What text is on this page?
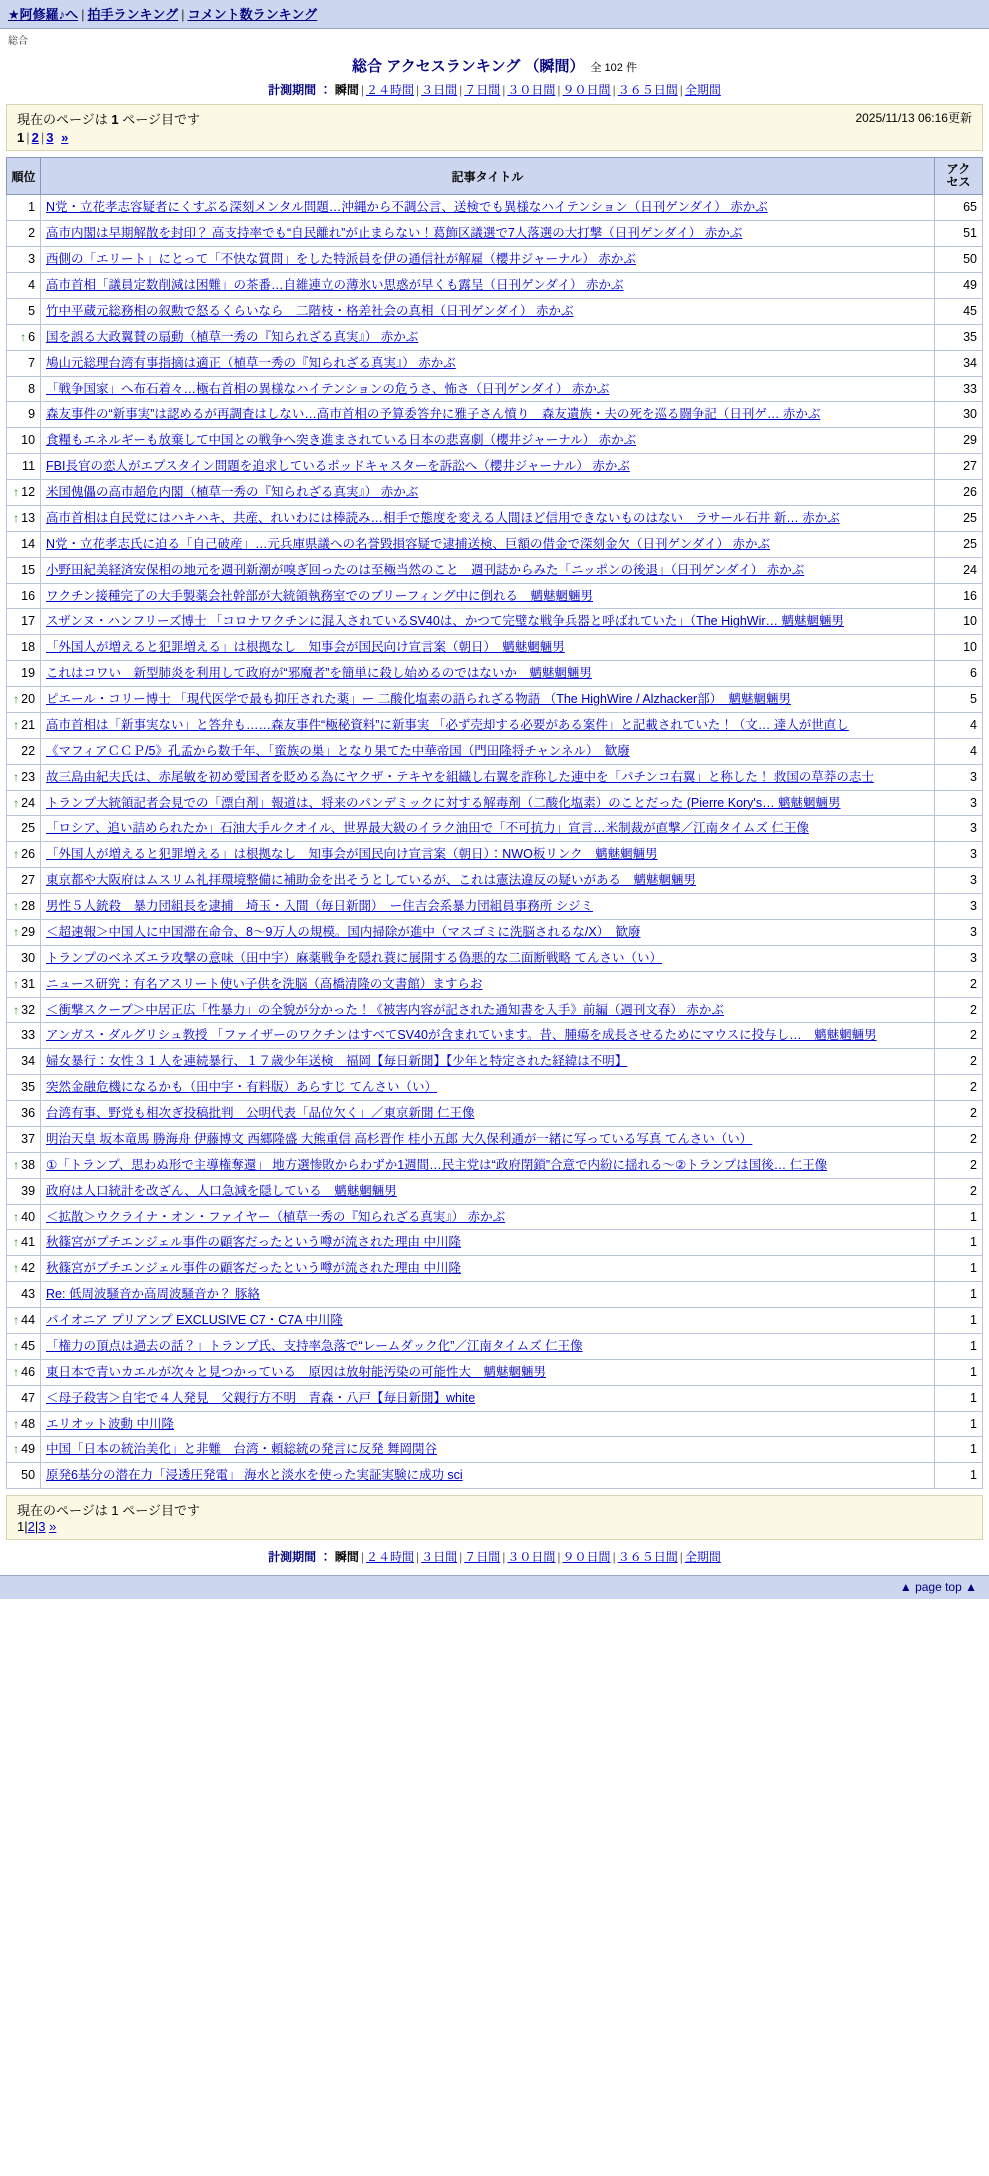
★阿修羅♪へ | 拍手ランキング | コメント数ランキング
総合
総合 アクセスランキング （瞬間） 全 102 件
計測期間 ： 瞬間 | ２４時間 | ３日間 | ７日間 | ３０日間 | ９０日間 | ３６５日間 | 全期間
現在のページは 1 ページ目です
1 | 2 | 3 »
2025/11/13 06:16更新
順位	記事タイトル	アク
セス

1	N党・立花孝志容疑者にくすぶる深刻メンタル問題…沖縄から不調公言、送検でも異様なハイテンション（日刊ゲンダイ） 赤かぶ	65
2	高市内閣は早期解散を封印？ 高支持率でも“自民離れ”が止まらない！葛飾区議選で7人落選の大打撃（日刊ゲンダイ） 赤かぶ	51
3	西側の「エリート」にとって「不快な質問」をした特派員を伊の通信社が解雇（櫻井ジャーナル） 赤かぶ	50
4	高市首相「議員定数削減は困難」の茶番…自維連立の薄氷い思惑が早くも露呈（日刊ゲンダイ） 赤かぶ	49
5	竹中平蔵元総務相の叙勲で怒るくらいなら　二階枝・格差社会の真相（日刊ゲンダイ） 赤かぶ	45
↑ 6	国を誤る大政翼賛の扇動（植草一秀の『知られざる真実』） 赤かぶ	35
7	鳩山元総理台湾有事指摘は適正（植草一秀の『知られざる真実』） 赤かぶ	34
8	「戦争国家」へ布石着々…極右首相の異様なハイテンションの危うさ、怖さ（日刊ゲンダイ） 赤かぶ	33
9	森友事件の“新事実”は認めるが再調査はしない…高市首相の予算委答弁に雅子さん憤り　森友遺族・夫の死を巡る闘争記（日刊ゲ… 赤かぶ	30
10	食糧もエネルギーも放棄して中国との戦争へ突き進まされている日本の悲喜劇（櫻井ジャーナル） 赤かぶ	29
11	FBI長官の恋人がエプスタイン問題を追求しているポッドキャスターを訴訟へ（櫻井ジャーナル） 赤かぶ	27
↑ 12	米国傀儡の高市超危内閣（植草一秀の『知られざる真実』） 赤かぶ	26
↑ 13	高市首相は自民党にはハキハキ、共産、れいわには棒読み…相手で態度を変える人間ほど信用できないものはない　ラサール石井 新… 赤かぶ	25
14	N党・立花孝志氏に迫る「自己破産」…元兵庫県議への名誉毀損容疑で逮捕送検、巨額の借金で深刻金欠（日刊ゲンダイ） 赤かぶ	25
15	小野田紀美経済安保相の地元を週刊新潮が嗅ぎ回ったのは至極当然のこと　週刊誌からみた「ニッポンの後退」（日刊ゲンダイ） 赤かぶ	24
16	ワクチン接種完了の大手製薬会社幹部が大統領執務室でのブリーフィング中に倒れる　魑魅魍魎男	16
17	スザンヌ・ハンフリーズ博士 「コロナワクチンに混入されているSV40は、かつて完璧な戦争兵器と呼ばれていた」（The HighWir… 魑魅魍魎男	10
18	「外国人が増えると犯罪増える」は根拠なし　知事会が国民向け宣言案（朝日）　魑魅魍魎男	10
19	これはコワい　新型肺炎を利用して政府が“邪魔者”を簡単に殺し始めるのではないか　魑魅魍魎男	6
↑ 20	ピエール・コリー博士 「現代医学で最も抑圧された薬」ー 二酸化塩素の語られざる物語 （The HighWire / Alzhacker部）　魑魅魍魎男	5
↑ 21	高市首相は「新事実ない」と答弁も……森友事件“極秘資料”に新事実 「必ず売却する必要がある案件」と記載されていた！（文… 達人が世直し	4
22	《マフィアＣＣＰ/5》孔孟から数千年、「蛮族の巣」となり果てた中華帝国（門田隆将チャンネル）　歓廢	4
↑ 23	故三島由紀夫氏は、赤尾敏を初め愛国者を貶める為にヤクザ・テキヤを組織し右翼を詐称した連中を「パチンコ右翼」と称した！ 救国の草莽の志士	3
↑ 24	トランプ大統領記者会見での「漂白剤」報道は、将来のパンデミックに対する解毒剤（二酸化塩素）のことだった (Pierre Kory's… 魑魅魍魎男	3
25	「ロシア、追い詰められたか」石油大手ルクオイル、世界最大級のイラク油田で「不可抗力」宣言…米制裁が直撃／江南タイムズ 仁王像	3
↑ 26	「外国人が増えると犯罪増える」は根拠なし　知事会が国民向け宣言案（朝日）：NWO板リンク　魑魅魍魎男	3
27	東京都や大阪府はムスリム礼拝環境整備に補助金を出そうとしているが、これは憲法違反の疑いがある　魑魅魍魎男	3
↑ 28	男性５人銃殺　暴力団組長を逮捕　埼玉・入間（毎日新聞）　ー住吉会系暴力団組員事務所 シジミ	3
↑ 29	＜超速報＞中国人に中国滞在命令、8～9万人の規模。国内掃除が進中（マスゴミに洗脳されるな/X）　歓廢	3
30	トランプのベネズエラ攻撃の意味（田中宇）麻薬戦争を隠れ蓑に展開する偽悪的な二面断戦略 てんさい（い）	3
↑ 31	ニュース研究：有名アスリート使い子供を洗脳（高橋清隆の文書館）ますらお	2
↑ 32	＜衝撃スクープ＞中居正広「性暴力」の全貌が分かった！《被害内容が記された通知書を入手》前編（週刊文春） 赤かぶ	2
33	アンガス・ダルグリシュ教授 「ファイザーのワクチンはすべてSV40が含まれています。昔、腫瘍を成長させるためにマウスに投与し…　魑魅魍魎男	2
34	婦女暴行：女性３１人を連続暴行、１７歳少年送検　福岡【毎日新聞】【少年と特定された経緯は不明】	2
35	突然金融危機になるかも（田中宇・有料版）あらすじ てんさい（い）	2
36	台湾有事、野党も相次ぎ投稿批判　公明代表「品位欠く」／東京新聞 仁王像	2
37	明治天皇 坂本竜馬 勝海舟 伊藤博文 西郷隆盛 大熊重信 高杉晋作 桂小五郎 大久保利通が一緒に写っている写真 てんさい（い）	2
↑ 38	①「トランプ、思わぬ形で主導権奪還」 地方選惨敗からわずか1週間…民主党は“政府閉鎖”合意で内紛に揺れる～②トランプは国後… 仁王像	2
39	政府は人口統計を改ざん、人口急減を隠している　魑魅魍魎男	2
↑ 40	＜拡散＞ウクライナ・オン・ファイヤー（植草一秀の『知られざる真実』） 赤かぶ	1
↑ 41	秋篠宮がプチエンジェル事件の顧客だったという噂が流された理由 中川隆	1
↑ 42	秋篠宮がプチエンジェル事件の顧客だったという噂が流された理由 中川隆	1
43	Re: 低周波騒音か高周波騒音か？ 豚絡	1
↑ 44	パイオニア プリアンプ EXCLUSIVE C7・C7A 中川隆	1
↑ 45	「権力の頂点は過去の話？」トランプ氏、支持率急落で“レームダック化”／江南タイムズ 仁王像	1
↑ 46	東日本で青いカエルが次々と見つかっている　原因は放射能汚染の可能性大　魑魅魍魎男	1
47	＜母子殺害＞自宅で４人発見　父親行方不明　青森・八戸【毎日新聞】white	1
↑ 48	エリオット波動 中川隆	1
↑ 49	中国「日本の統治美化」と非難　台湾・頼総統の発言に反発 舞岡関谷	1
50	原発6基分の潜在力「浸透圧発電」 海水と淡水を使った実証実験に成功 sci	1
現在のページは 1 ページ目です
1|2|3 »
計測期間 ： 瞬間 | ２４時間 | ３日間 | ７日間 | ３０日間 | ９０日間 | ３６５日間 | 全期間
▲ page top ▲
